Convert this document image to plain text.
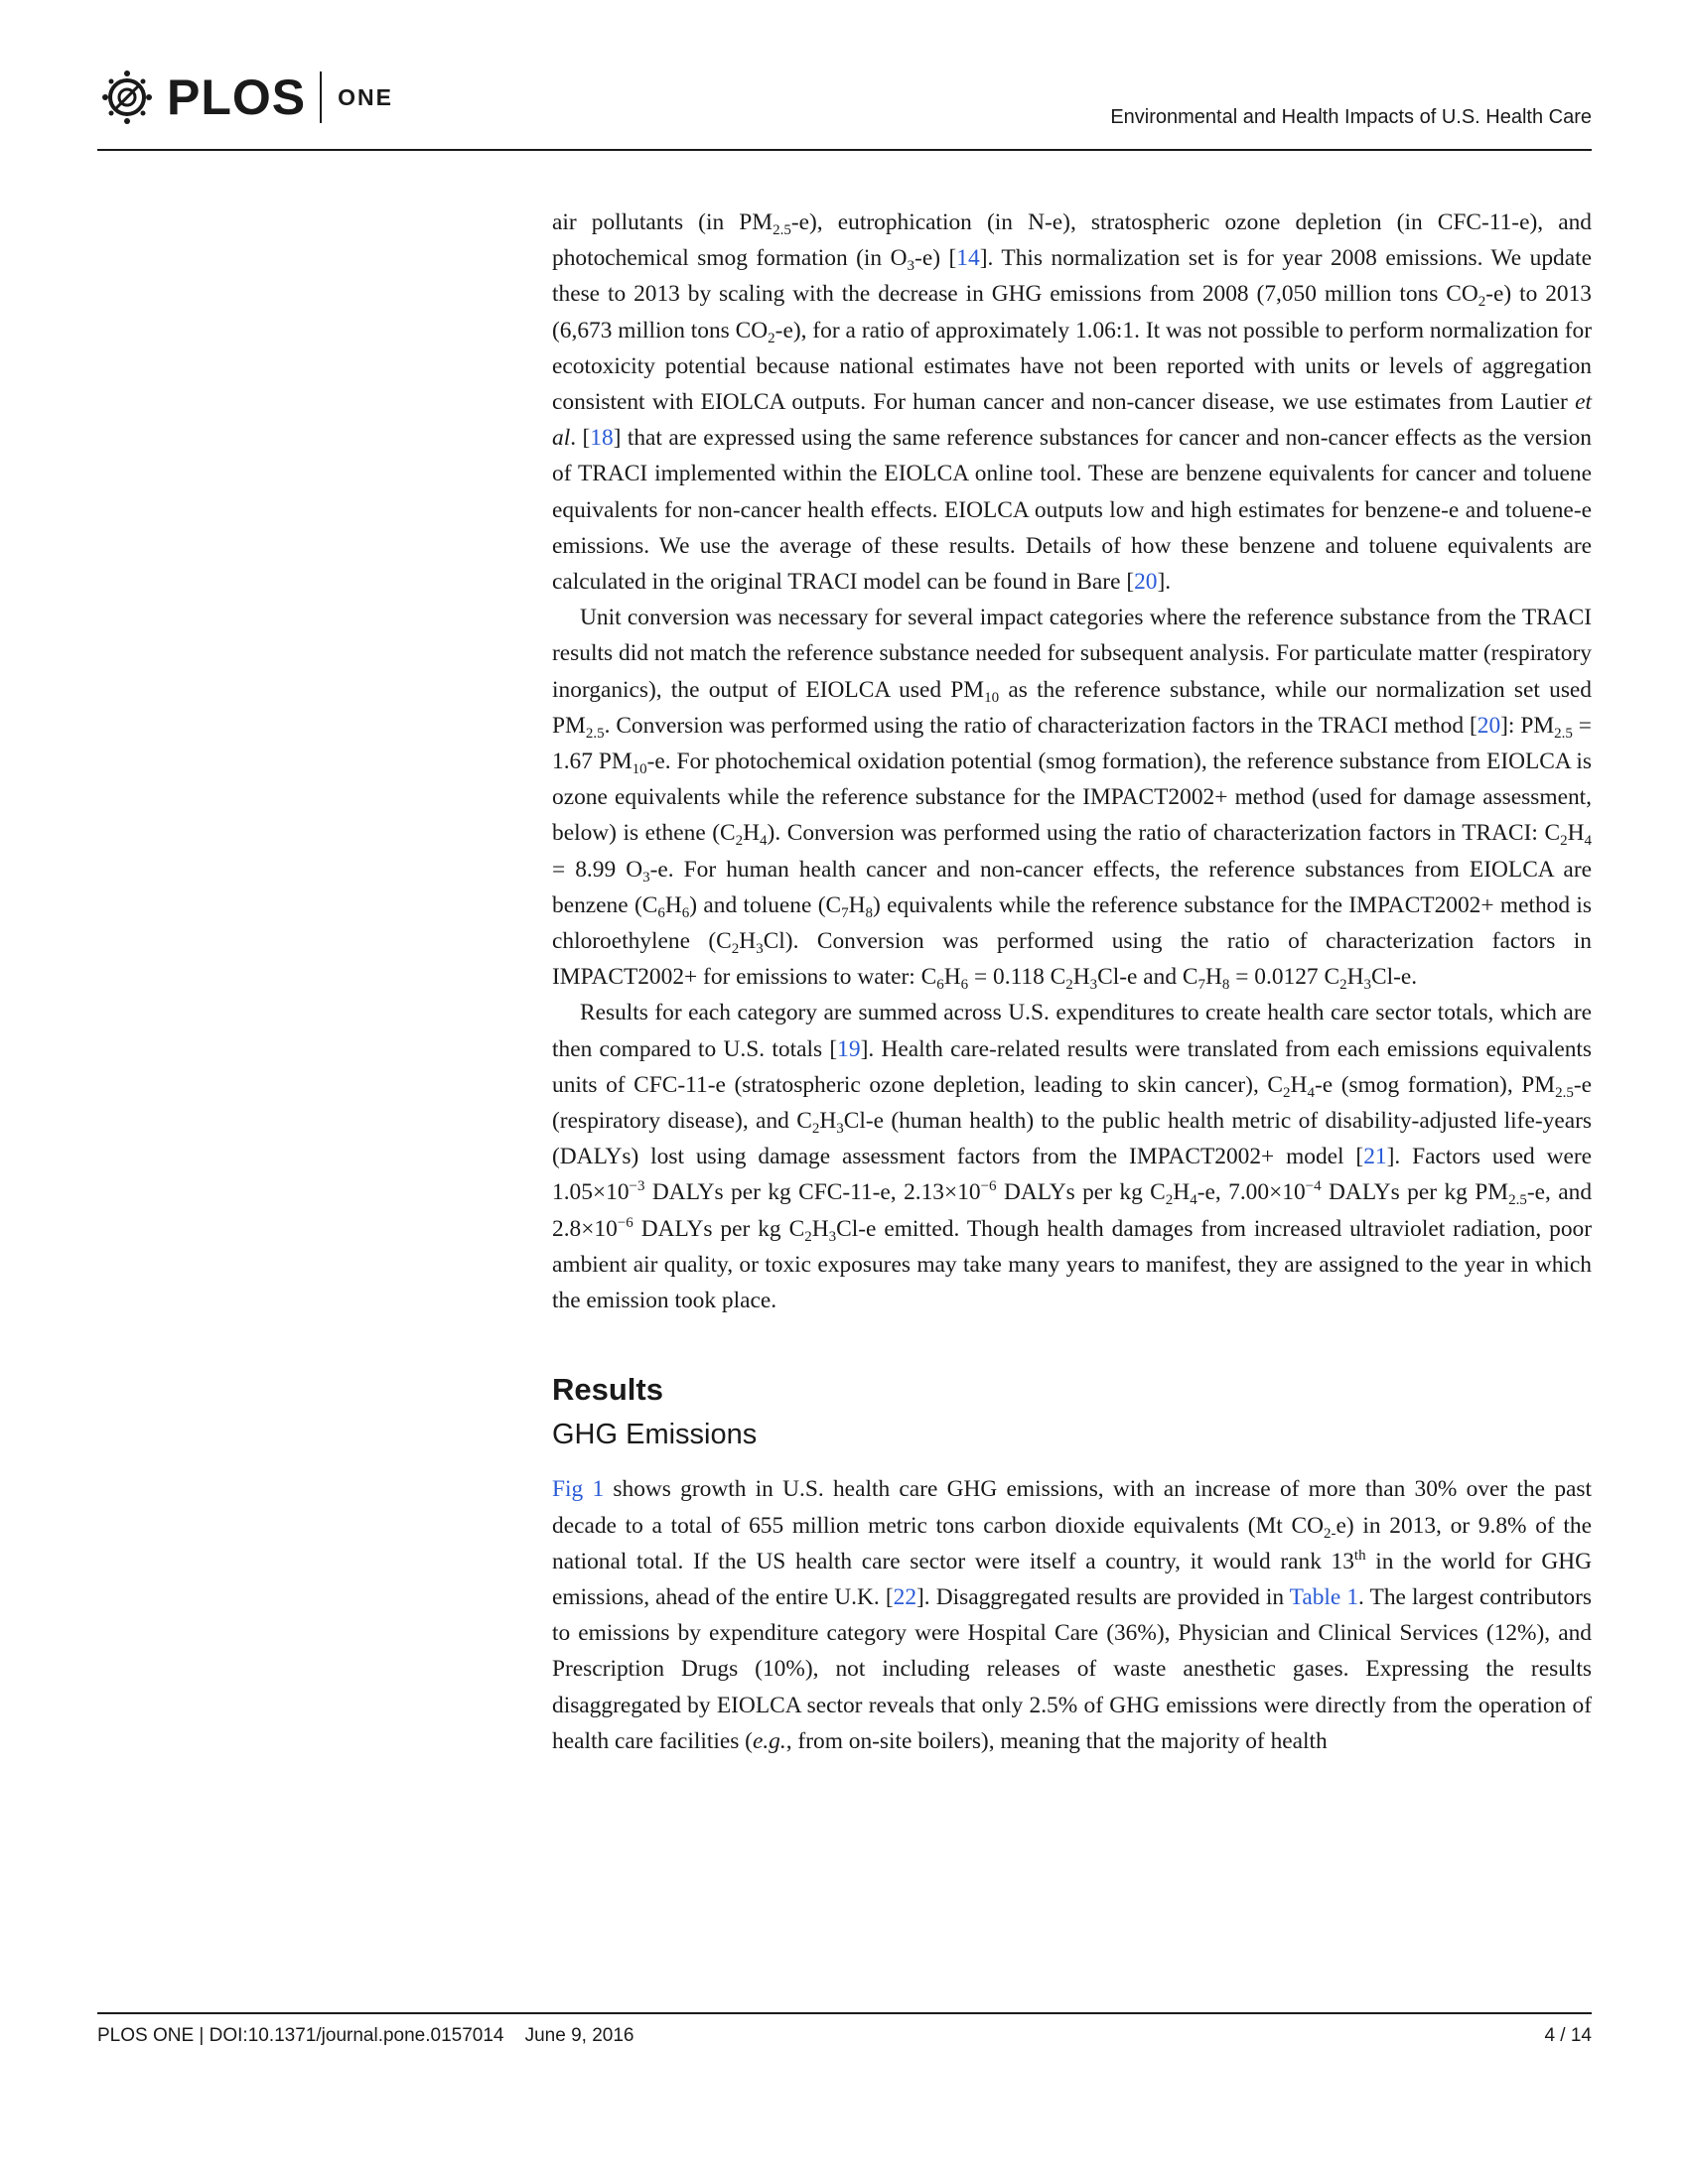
PLOS ONE
Environmental and Health Impacts of U.S. Health Care

air pollutants (in $PM_{2.5}-e$), eutrophication (in N-e), stratospheric ozone depletion (in CFC-11-e), and photochemical smog formation (in $O_3-e$) [14]. This normalization set is for year 2008 emissions. We update these to 2013 by scaling with the decrease in GHG emissions from 2008 (7,050 million tons $CO_2-e$) to 2013 (6,673 million tons $CO_2-e$), for a ratio of approximately 1.06:1. It was not possible to perform normalization for ecotoxicity potential because national estimates have not been reported with units or levels of aggregation consistent with EIOLCA outputs. For human cancer and non-cancer disease, we use estimates from Lautier et al. [18] that are expressed using the same reference substances for cancer and non-cancer effects as the version of TRACI implemented within the EIOLCA online tool. These are benzene equivalents for cancer and toluene equivalents for non-cancer health effects. EIOLCA outputs low and high estimates for benzene-e and toluene-e emissions. We use the average of these results. Details of how these benzene and toluene equivalents are calculated in the original TRACI model can be found in Bare [20].

Unit conversion was necessary for several impact categories where the reference substance from the TRACI results did not match the reference substance needed for subsequent analysis. For particulate matter (respiratory inorganics), the output of EIOLCA used $PM_{10}$ as the reference substance, while our normalization set used $PM_{2.5}$. Conversion was performed using the ratio of characterization factors in the TRACI method [20]: $PM_{2.5} = 1.67$ $PM_{10}-e$. For photochemical oxidation potential (smog formation), the reference substance from EIOLCA is ozone equivalents while the reference substance for the IMPACT2002+ method (used for damage assessment, below) is ethene $(C_2H_4)$. Conversion was performed using the ratio of characterization factors in TRACI: $C_2H_4 = 8.99$ $O_3-e$. For human health cancer and non-cancer effects, the reference substances from EIOLCA are benzene $(C_6H_6)$ and toluene $(C_7H_8)$ equivalents while the reference substance for the IMPACT2002+ method is chloroethylene $(C_2H_3Cl)$. Conversion was performed using the ratio of characterization factors in IMPACT2002+ for emissions to water: $C_6H_6 = 0.118$ $C_2H_3Cl-e$ and $C_7H_8 = 0.0127$ $C_2H_3Cl-e$.

Results for each category are summed across U.S. expenditures to create health care sector totals, which are then compared to U.S. totals [19]. Health care-related results were translated from each emissions equivalents units of CFC-11-e (stratospheric ozone depletion, leading to skin cancer), $C_2H_4-e$ (smog formation), $PM_{2.5}-e$ (respiratory disease), and $C_2H_3Cl-e$ (human health) to the public health metric of disability-adjusted life-years (DALYs) lost using damage assessment factors from the IMPACT2002+ model [21]. Factors used were $1.05\times 10^{-3}$ DALYs per kg CFC-11-e, $2.13\times 10^{-6}$ DALYs per kg $C_2H_4-e$, $7.00\times 10^{-4}$ DALYs per kg $PM_{2.5}-e$, and $2.8\times 10^{-6}$ DALYs per kg $C_2H_3Cl-e$ emitted. Though health damages from increased ultraviolet radiation, poor ambient air quality, or toxic exposures may take many years to manifest, they are assigned to the year in which the emission took place.

Results
GHG Emissions

Fig 1 shows growth in U.S. health care GHG emissions, with an increase of more than 30% over the past decade to a total of 655 million metric tons carbon dioxide equivalents (Mt $CO_{2-}e$) in 2013, or 9.8% of the national total. If the US health care sector were itself a country, it would rank 13th in the world for GHG emissions, ahead of the entire U.K. [22]. Disaggregated results are provided in Table 1. The largest contributors to emissions by expenditure category were Hospital Care (36%), Physician and Clinical Services (12%), and Prescription Drugs (10%), not including releases of waste anesthetic gases. Expressing the results disaggregated by EIOLCA sector reveals that only 2.5% of GHG emissions were directly from the operation of health care facilities (e.g., from on-site boilers), meaning that the majority of health

PLOS ONE | DOI:10.1371/journal.pone.0157014 June 9, 2016	4 / 14
